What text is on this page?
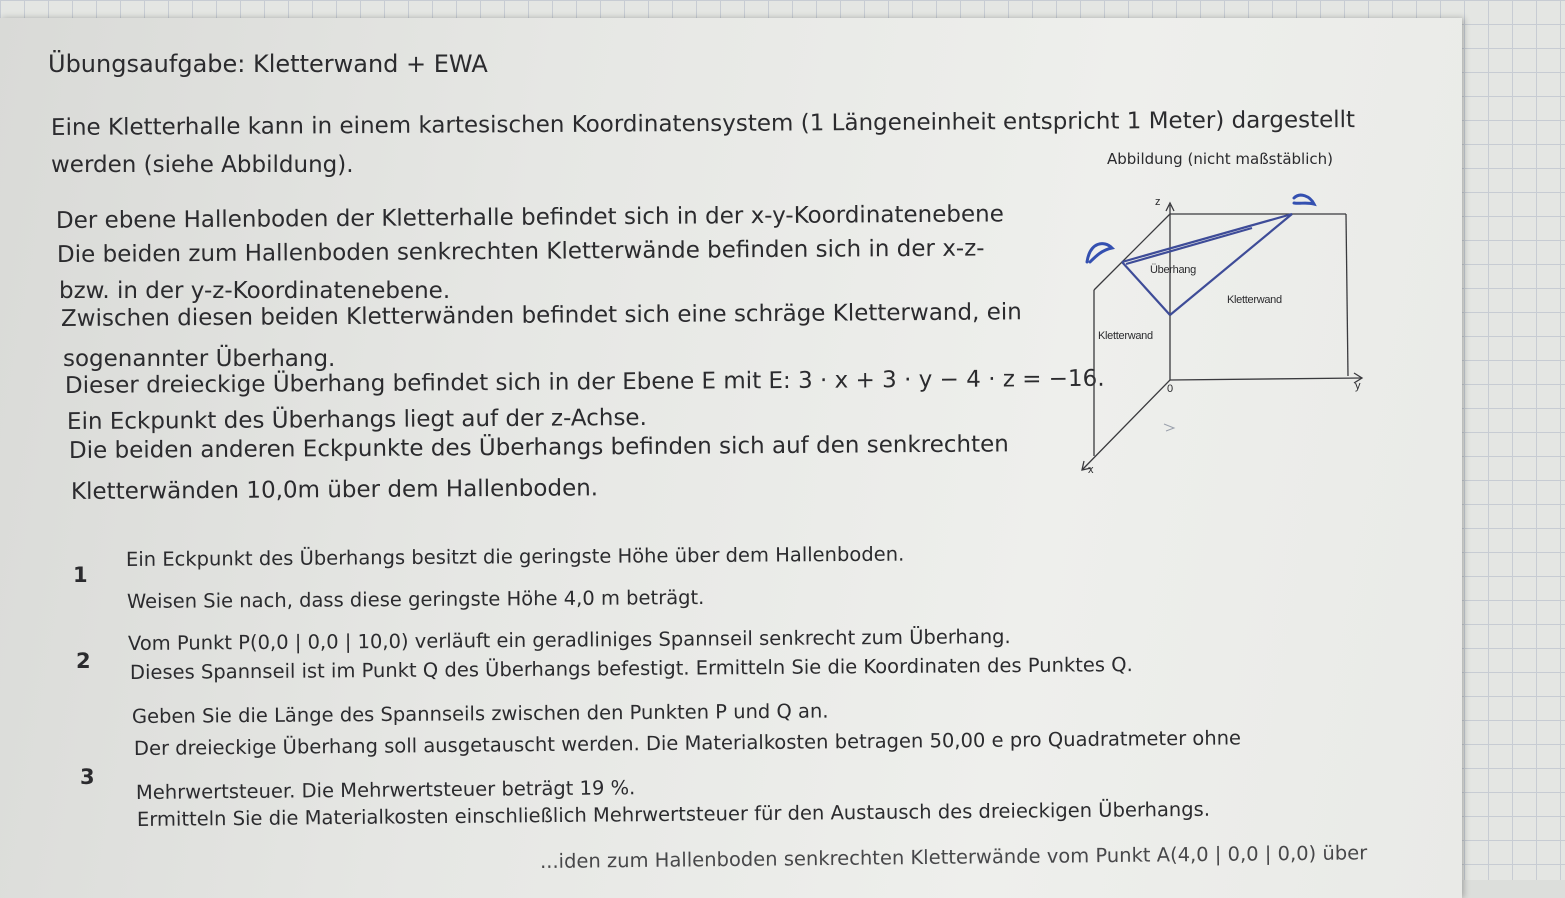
Übungsaufgabe: Kletterwand + EWA
Eine Kletterhalle kann in einem kartesischen Koordinatensystem (1 Längeneinheit entspricht 1 Meter) dargestellt
werden (siehe Abbildung).	Abbildung (nicht maßstäblich)
Der ebene Hallenboden der Kletterhalle befindet sich in der x-y-Koordinatenebene
Die beiden zum Hallenboden senkrechten Kletterwände befinden sich in der x-z-
bzw. in der y-z-Koordinatenebene.
Zwischen diesen beiden Kletterwänden befindet sich eine schräge Kletterwand, ein
sogenannter Überhang.
Dieser dreieckige Überhang befindet sich in der Ebene E mit E: 3 · x + 3 · y − 4 · z = −16.
Ein Eckpunkt des Überhangs liegt auf der z-Achse.
Die beiden anderen Eckpunkte des Überhangs befinden sich auf den senkrechten
Kletterwänden 10,0m über dem Hallenboden.
z
y
x
0
Überhang
Kletterwand
Kletterwand
1
Ein Eckpunkt des Überhangs besitzt die geringste Höhe über dem Hallenboden.
Weisen Sie nach, dass diese geringste Höhe 4,0 m beträgt.
2
Vom Punkt P(0,0 | 0,0 | 10,0) verläuft ein geradliniges Spannseil senkrecht zum Überhang.
Dieses Spannseil ist im Punkt Q des Überhangs befestigt. Ermitteln Sie die Koordinaten des Punktes Q.
Geben Sie die Länge des Spannseils zwischen den Punkten P und Q an.
3
Der dreieckige Überhang soll ausgetauscht werden. Die Materialkosten betragen 50,00 e pro Quadratmeter ohne
Mehrwertsteuer. Die Mehrwertsteuer beträgt 19 %.
Ermitteln Sie die Materialkosten einschließlich Mehrwertsteuer für den Austausch des dreieckigen Überhangs.
...iden zum Hallenboden senkrechten Kletterwände vom Punkt A(4,0 | 0,0 | 0,0) über
